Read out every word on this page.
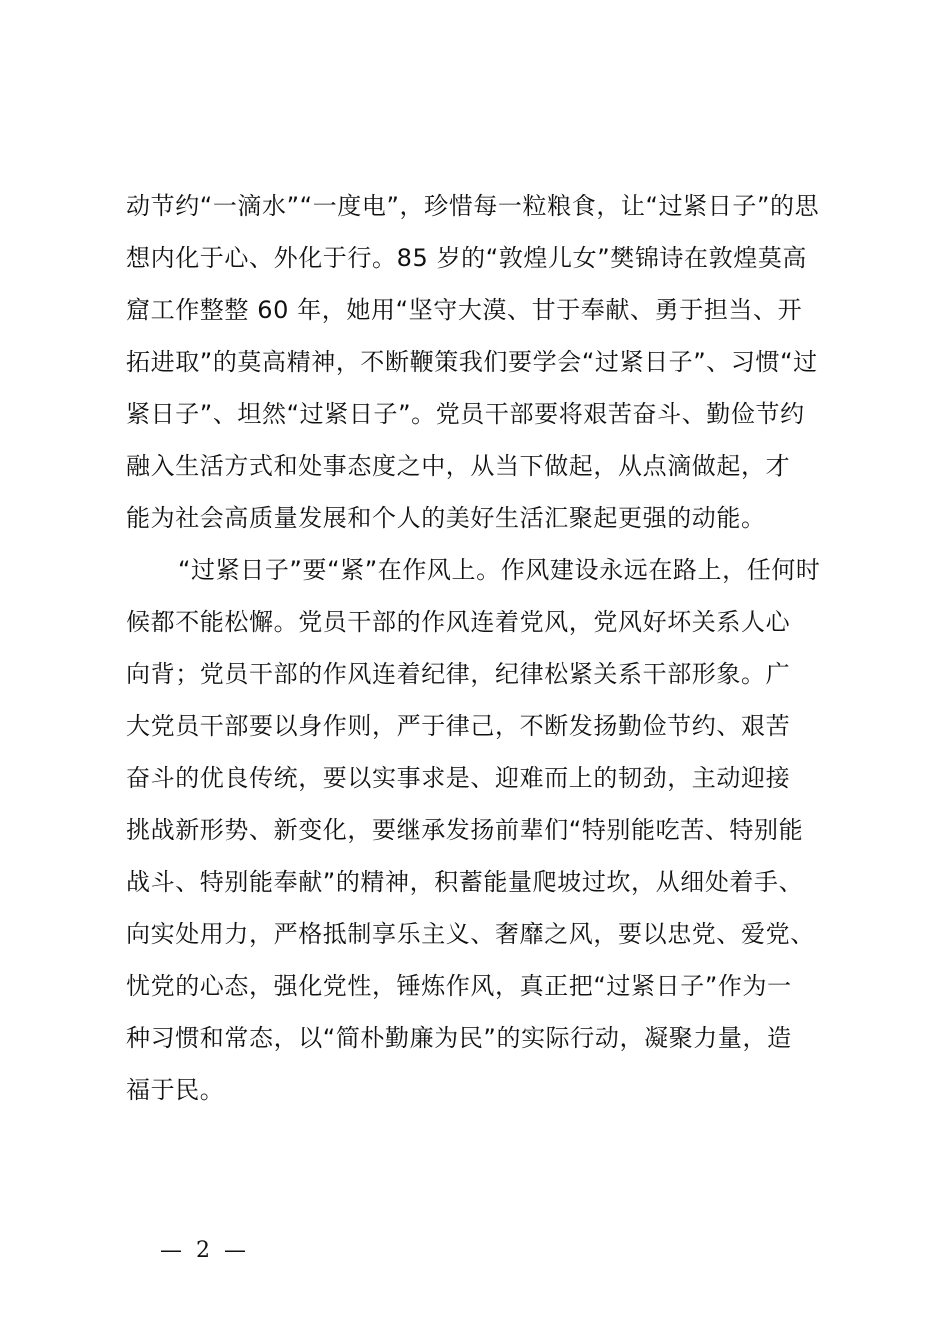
动节约“一滴水”“一度电”，珍惜每一粒粮食，让“过紧日子”的思
想内化于心、外化于行。85 岁的“敦煌儿女”樊锦诗在敦煌莫高
窟工作整整 60 年，她用“坚守大漠、甘于奉献、勇于担当、开
拓进取”的莫高精神，不断鞭策我们要学会“过紧日子”、习惯“过
紧日子”、坦然“过紧日子”。党员干部要将艰苦奋斗、勤俭节约
融入生活方式和处事态度之中，从当下做起，从点滴做起，才
能为社会高质量发展和个人的美好生活汇聚起更强的动能。
“过紧日子”要“紧”在作风上。作风建设永远在路上，任何时
候都不能松懈。党员干部的作风连着党风，党风好坏关系人心
向背；党员干部的作风连着纪律，纪律松紧关系干部形象。广
大党员干部要以身作则，严于律己，不断发扬勤俭节约、艰苦
奋斗的优良传统，要以实事求是、迎难而上的韧劲，主动迎接
挑战新形势、新变化，要继承发扬前辈们“特别能吃苦、特别能
战斗、特别能奉献”的精神，积蓄能量爬坡过坎，从细处着手、
向实处用力，严格抵制享乐主义、奢靡之风，要以忠党、爱党、
忧党的心态，强化党性，锤炼作风，真正把“过紧日子”作为一
种习惯和常态，以“简朴勤廉为民”的实际行动，凝聚力量，造
福于民。
— 2 —
